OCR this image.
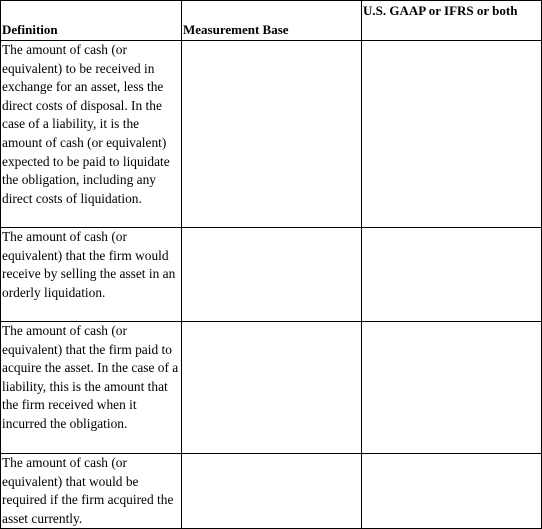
Definition	Measurement Base	U.S. GAAP or IFRS or both
The amount of cash (or equivalent) to be received in exchange for an asset, less the direct costs of disposal. In the case of a liability, it is the amount of cash (or equivalent) expected to be paid to liquidate the obligation, including any direct costs of liquidation.		
The amount of cash (or equivalent) that the firm would receive by selling the asset in an orderly liquidation.		
The amount of cash (or equivalent) that the firm paid to acquire the asset. In the case of a liability, this is the amount that the firm received when it incurred the obligation.		
The amount of cash (or equivalent) that would be required if the firm acquired the asset currently.		
